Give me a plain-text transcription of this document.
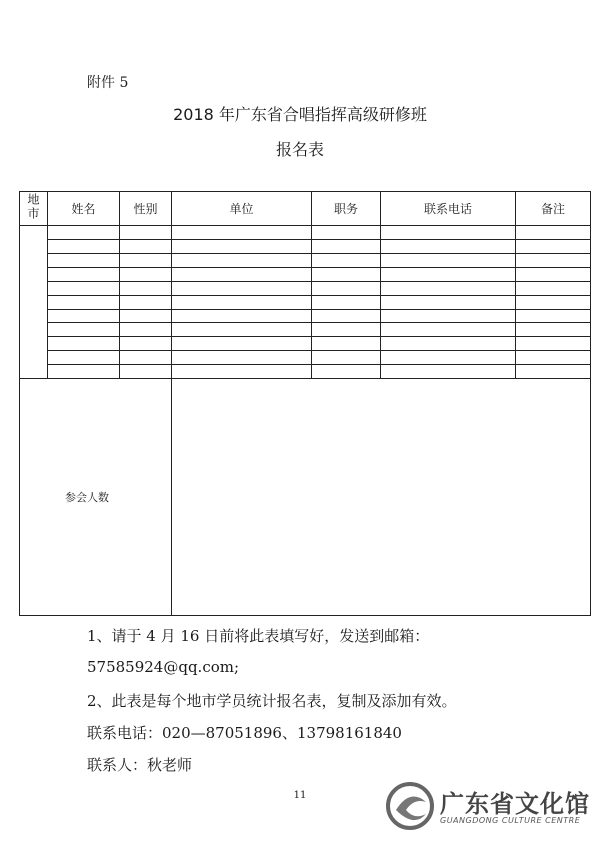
附件 5
2018 年广东省合唱指挥高级研修班
报名表
地市	姓名	性别	单位	职务	联系电话	备注

参会人数						
1、请于 4 月 16 日前将此表填写好，发送到邮箱：
57585924@qq.com;
2、此表是每个地市学员统计报名表，复制及添加有效。
联系电话：020—87051896、13798161840
联系人：秋老师
11	广东省文化馆
GUANGDONG CULTURE CENTRE
